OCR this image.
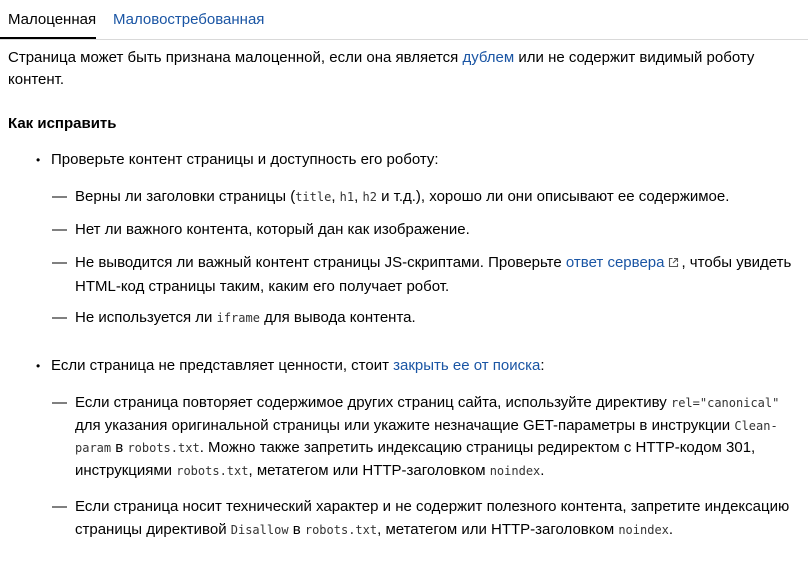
Малоценная Маловостребованная
Страница может быть признана малоценной, если она является дублем или не содержит видимый роботу контент.
Как исправить
• Проверьте контент страницы и доступность его роботу:
— Верны ли заголовки страницы (title, h1, h2 и т.д.), хорошо ли они описывают ее содержимое.
— Нет ли важного контента, который дан как изображение.
— Не выводится ли важный контент страницы JS-скриптами. Проверьте ответ сервера , чтобы увидеть HTML-код страницы таким, каким его получает робот.
— Не используется ли iframe для вывода контента.
• Если страница не представляет ценности, стоит закрыть ее от поиска:
— Если страница повторяет содержимое других страниц сайта, используйте директиву rel="canonical" для указания оригинальной страницы или укажите незначащие GET-параметры в инструкции Clean-param в robots.txt. Можно также запретить индексацию страницы редиректом с HTTP-кодом 301, инструкциями robots.txt, метатегом или HTTP-заголовком noindex.
— Если страница носит технический характер и не содержит полезного контента, запретите индексацию страницы директивой Disallow в robots.txt, метатегом или HTTP-заголовком noindex.
